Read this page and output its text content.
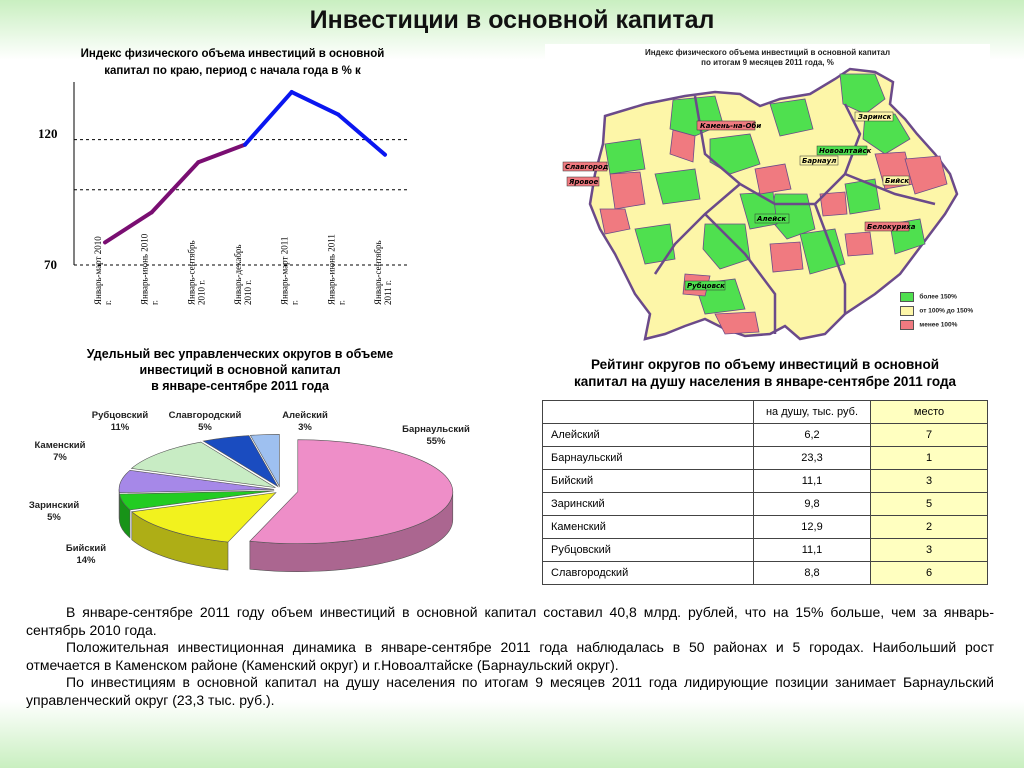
Инвестиции в основной капитал
Индекс физического объема инвестиций в основной
капитал по краю, период с начала года в % к
120
70	Январь-март 2010г.	Январь-июнь 2010г.	Январь-сентябрь2010 г.	Январь-декабрь2010 г.	Январь-март 2011г.	Январь-июнь 2011г.	Январь-сентябрь2011 г.
Индекс физического объема инвестиций в основной капитал
по итогам 9 месяцев 2011 года, %
Камень-на-Оби
Заринск
Славгород
Яровое
Новоалтайск
Барнаул
Бийск
Алейск
Белокуриха
Рубцовск
более 150%
от 100% до 150%
менее 100%
Удельный вес управленческих округов в объеме
инвестиций в основной капитал
в январе-сентябре 2011 года
Рубцовский
11%
Славгородский
5%
Алейский
3%	Барнаульский
55%
Каменский
7%
Заринский
5%
Бийский
14%
Рейтинг округов по объему инвестиций в основной
капитал на душу населения в январе-сентябре 2011 года
	на душу, тыс. руб.	место
Алейский	6,2	7
Барнаульский	23,3	1
Бийский	11,1	3
Заринский	9,8	5
Каменский	12,9	2
Рубцовский	11,1	3
Славгородский	8,8	6

В январе-сентябре 2011 году объем инвестиций в основной капитал составил 40,8 млрд. рублей, что на 15% больше, чем за январь-сентябрь 2010 года.

Положительная инвестиционная динамика в январе-сентябре 2011 года наблюдалась в 50 районах и 5 городах. Наибольший рост отмечается в Каменском районе (Каменский округ) и г.Новоалтайске (Барнаульский округ).

По инвестициям в основной капитал на душу населения по итогам 9 месяцев 2011 года лидирующие позиции занимает Барнаульский управленческий округ (23,3 тыс. руб.).
